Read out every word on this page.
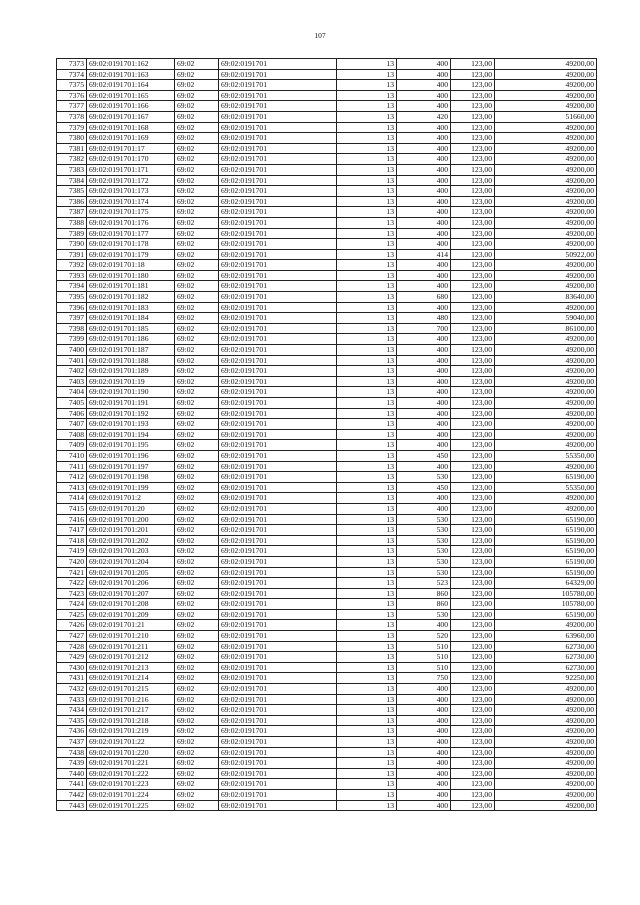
107
7373	69:02:0191701:162	69:02	69:02:0191701	13	400	123,00	49200,00
7374	69:02:0191701:163	69:02	69:02:0191701	13	400	123,00	49200,00
7375	69:02:0191701:164	69:02	69:02:0191701	13	400	123,00	49200,00
7376	69:02:0191701:165	69:02	69:02:0191701	13	400	123,00	49200,00
7377	69:02:0191701:166	69:02	69:02:0191701	13	400	123,00	49200,00
7378	69:02:0191701:167	69:02	69:02:0191701	13	420	123,00	51660,00
7379	69:02:0191701:168	69:02	69:02:0191701	13	400	123,00	49200,00
7380	69:02:0191701:169	69:02	69:02:0191701	13	400	123,00	49200,00
7381	69:02:0191701:17	69:02	69:02:0191701	13	400	123,00	49200,00
7382	69:02:0191701:170	69:02	69:02:0191701	13	400	123,00	49200,00
7383	69:02:0191701:171	69:02	69:02:0191701	13	400	123,00	49200,00
7384	69:02:0191701:172	69:02	69:02:0191701	13	400	123,00	49200,00
7385	69:02:0191701:173	69:02	69:02:0191701	13	400	123,00	49200,00
7386	69:02:0191701:174	69:02	69:02:0191701	13	400	123,00	49200,00
7387	69:02:0191701:175	69:02	69:02:0191701	13	400	123,00	49200,00
7388	69:02:0191701:176	69:02	69:02:0191701	13	400	123,00	49200,00
7389	69:02:0191701:177	69:02	69:02:0191701	13	400	123,00	49200,00
7390	69:02:0191701:178	69:02	69:02:0191701	13	400	123,00	49200,00
7391	69:02:0191701:179	69:02	69:02:0191701	13	414	123,00	50922,00
7392	69:02:0191701:18	69:02	69:02:0191701	13	400	123,00	49200,00
7393	69:02:0191701:180	69:02	69:02:0191701	13	400	123,00	49200,00
7394	69:02:0191701:181	69:02	69:02:0191701	13	400	123,00	49200,00
7395	69:02:0191701:182	69:02	69:02:0191701	13	680	123,00	83640,00
7396	69:02:0191701:183	69:02	69:02:0191701	13	400	123,00	49200,00
7397	69:02:0191701:184	69:02	69:02:0191701	13	480	123,00	59040,00
7398	69:02:0191701:185	69:02	69:02:0191701	13	700	123,00	86100,00
7399	69:02:0191701:186	69:02	69:02:0191701	13	400	123,00	49200,00
7400	69:02:0191701:187	69:02	69:02:0191701	13	400	123,00	49200,00
7401	69:02:0191701:188	69:02	69:02:0191701	13	400	123,00	49200,00
7402	69:02:0191701:189	69:02	69:02:0191701	13	400	123,00	49200,00
7403	69:02:0191701:19	69:02	69:02:0191701	13	400	123,00	49200,00
7404	69:02:0191701:190	69:02	69:02:0191701	13	400	123,00	49200,00
7405	69:02:0191701:191	69:02	69:02:0191701	13	400	123,00	49200,00
7406	69:02:0191701:192	69:02	69:02:0191701	13	400	123,00	49200,00
7407	69:02:0191701:193	69:02	69:02:0191701	13	400	123,00	49200,00
7408	69:02:0191701:194	69:02	69:02:0191701	13	400	123,00	49200,00
7409	69:02:0191701:195	69:02	69:02:0191701	13	400	123,00	49200,00
7410	69:02:0191701:196	69:02	69:02:0191701	13	450	123,00	55350,00
7411	69:02:0191701:197	69:02	69:02:0191701	13	400	123,00	49200,00
7412	69:02:0191701:198	69:02	69:02:0191701	13	530	123,00	65190,00
7413	69:02:0191701:199	69:02	69:02:0191701	13	450	123,00	55350,00
7414	69:02:0191701:2	69:02	69:02:0191701	13	400	123,00	49200,00
7415	69:02:0191701:20	69:02	69:02:0191701	13	400	123,00	49200,00
7416	69:02:0191701:200	69:02	69:02:0191701	13	530	123,00	65190,00
7417	69:02:0191701:201	69:02	69:02:0191701	13	530	123,00	65190,00
7418	69:02:0191701:202	69:02	69:02:0191701	13	530	123,00	65190,00
7419	69:02:0191701:203	69:02	69:02:0191701	13	530	123,00	65190,00
7420	69:02:0191701:204	69:02	69:02:0191701	13	530	123,00	65190,00
7421	69:02:0191701:205	69:02	69:02:0191701	13	530	123,00	65190,00
7422	69:02:0191701:206	69:02	69:02:0191701	13	523	123,00	64329,00
7423	69:02:0191701:207	69:02	69:02:0191701	13	860	123,00	105780,00
7424	69:02:0191701:208	69:02	69:02:0191701	13	860	123,00	105780,00
7425	69:02:0191701:209	69:02	69:02:0191701	13	530	123,00	65190,00
7426	69:02:0191701:21	69:02	69:02:0191701	13	400	123,00	49200,00
7427	69:02:0191701:210	69:02	69:02:0191701	13	520	123,00	63960,00
7428	69:02:0191701:211	69:02	69:02:0191701	13	510	123,00	62730,00
7429	69:02:0191701:212	69:02	69:02:0191701	13	510	123,00	62730,00
7430	69:02:0191701:213	69:02	69:02:0191701	13	510	123,00	62730,00
7431	69:02:0191701:214	69:02	69:02:0191701	13	750	123,00	92250,00
7432	69:02:0191701:215	69:02	69:02:0191701	13	400	123,00	49200,00
7433	69:02:0191701:216	69:02	69:02:0191701	13	400	123,00	49200,00
7434	69:02:0191701:217	69:02	69:02:0191701	13	400	123,00	49200,00
7435	69:02:0191701:218	69:02	69:02:0191701	13	400	123,00	49200,00
7436	69:02:0191701:219	69:02	69:02:0191701	13	400	123,00	49200,00
7437	69:02:0191701:22	69:02	69:02:0191701	13	400	123,00	49200,00
7438	69:02:0191701:220	69:02	69:02:0191701	13	400	123,00	49200,00
7439	69:02:0191701:221	69:02	69:02:0191701	13	400	123,00	49200,00
7440	69:02:0191701:222	69:02	69:02:0191701	13	400	123,00	49200,00
7441	69:02:0191701:223	69:02	69:02:0191701	13	400	123,00	49200,00
7442	69:02:0191701:224	69:02	69:02:0191701	13	400	123,00	49200,00
7443	69:02:0191701:225	69:02	69:02:0191701	13	400	123,00	49200,00
